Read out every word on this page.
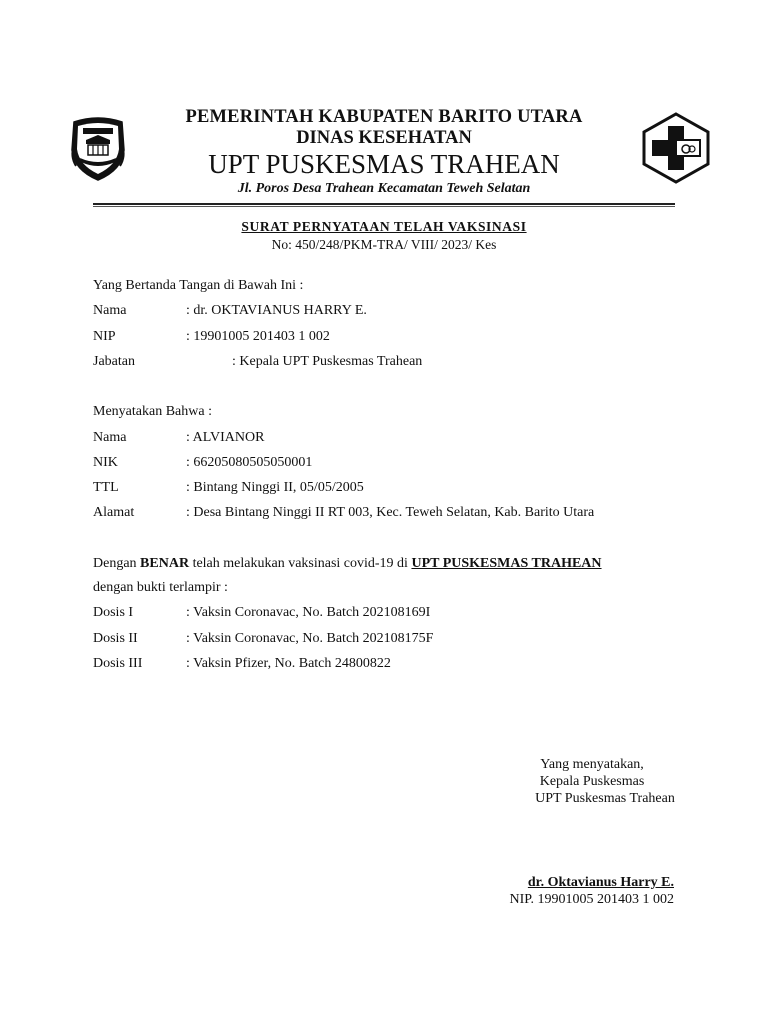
PEMERINTAH KABUPATEN BARITO UTARA
DINAS KESEHATAN
UPT PUSKESMAS TRAHEAN
Jl. Poros Desa Trahean Kecamatan Teweh Selatan
SURAT PERNYATAAN TELAH VAKSINASI
No: 450/248/PKM-TRA/ VIII/ 2023/ Kes
Yang Bertanda Tangan di Bawah Ini :
Nama	: dr. OKTAVIANUS HARRY E.
NIP	: 19901005 201403 1 002
Jabatan	: Kepala UPT Puskesmas Trahean
Menyatakan Bahwa :
Nama	: ALVIANOR
NIK	: 66205080505050001
TTL	: Bintang Ninggi II, 05/05/2005
Alamat	: Desa Bintang Ninggi II RT 003, Kec. Teweh Selatan, Kab. Barito Utara
Dengan BENAR telah melakukan vaksinasi covid-19 di UPT PUSKESMAS TRAHEAN
dengan bukti terlampir :
Dosis I	: Vaksin Coronavac, No. Batch 202108169I
Dosis II	: Vaksin Coronavac, No. Batch 202108175F
Dosis III	: Vaksin Pfizer, No. Batch 24800822
Yang menyatakan,
Kepala Puskesmas
UPT Puskesmas Trahean
dr. Oktavianus Harry E.
NIP. 19901005 201403 1 002
